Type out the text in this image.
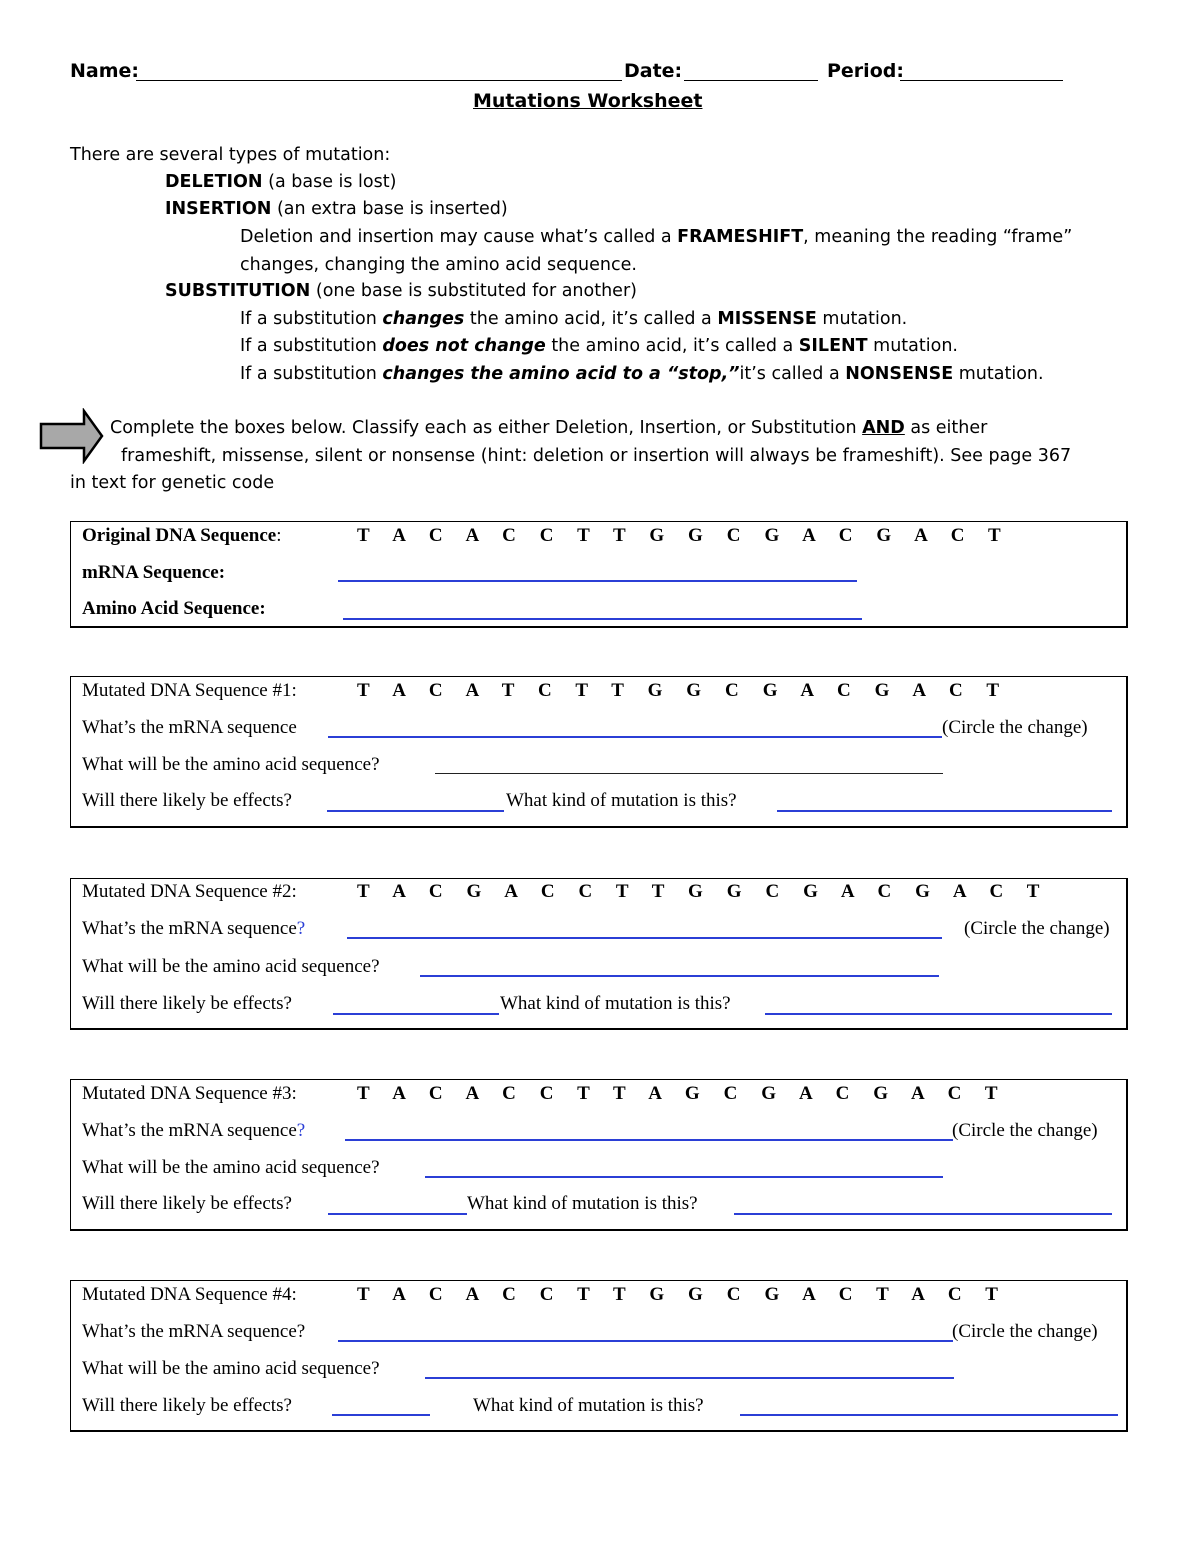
Name:	Date:	Period:
Mutations Worksheet
There are several types of mutation:
DELETION (a base is lost)
INSERTION (an extra base is inserted)
Deletion and insertion may cause what’s called a FRAMESHIFT, meaning the reading “frame”
changes, changing the amino acid sequence.
SUBSTITUTION (one base is substituted for another)
If a substitution changes the amino acid, it’s called a MISSENSE mutation.
If a substitution does not change the amino acid, it’s called a SILENT mutation.
If a substitution changes the amino acid to a “stop,”it’s called a NONSENSE mutation.
Complete the boxes below. Classify each as either Deletion, Insertion, or Substitution AND as either
frameshift, missense, silent or nonsense (hint: deletion or insertion will always be frameshift). See page 367
in text for genetic code
Original DNA Sequence:	T A C A C C T T G G C G A C G A C T
mRNA Sequence:
Amino Acid Sequence:
Mutated DNA Sequence #1:	T A C A T C T T G G C G A C G A C T
What’s the mRNA sequence	(Circle the change)
What will be the amino acid sequence?
Will there likely be effects?	What kind of mutation is this?
Mutated DNA Sequence #2:	T A C G A C C T T G G C G A C G A C T
What’s the mRNA sequence?	(Circle the change)
What will be the amino acid sequence?
Will there likely be effects?	What kind of mutation is this?
Mutated DNA Sequence #3:	T A C A C C T T A G C G A C G A C T
What’s the mRNA sequence?	(Circle the change)
What will be the amino acid sequence?
Will there likely be effects?	What kind of mutation is this?
Mutated DNA Sequence #4:	T A C A C C T T G G C G A C T A C T
What’s the mRNA sequence?	(Circle the change)
What will be the amino acid sequence?
Will there likely be effects?	What kind of mutation is this?
